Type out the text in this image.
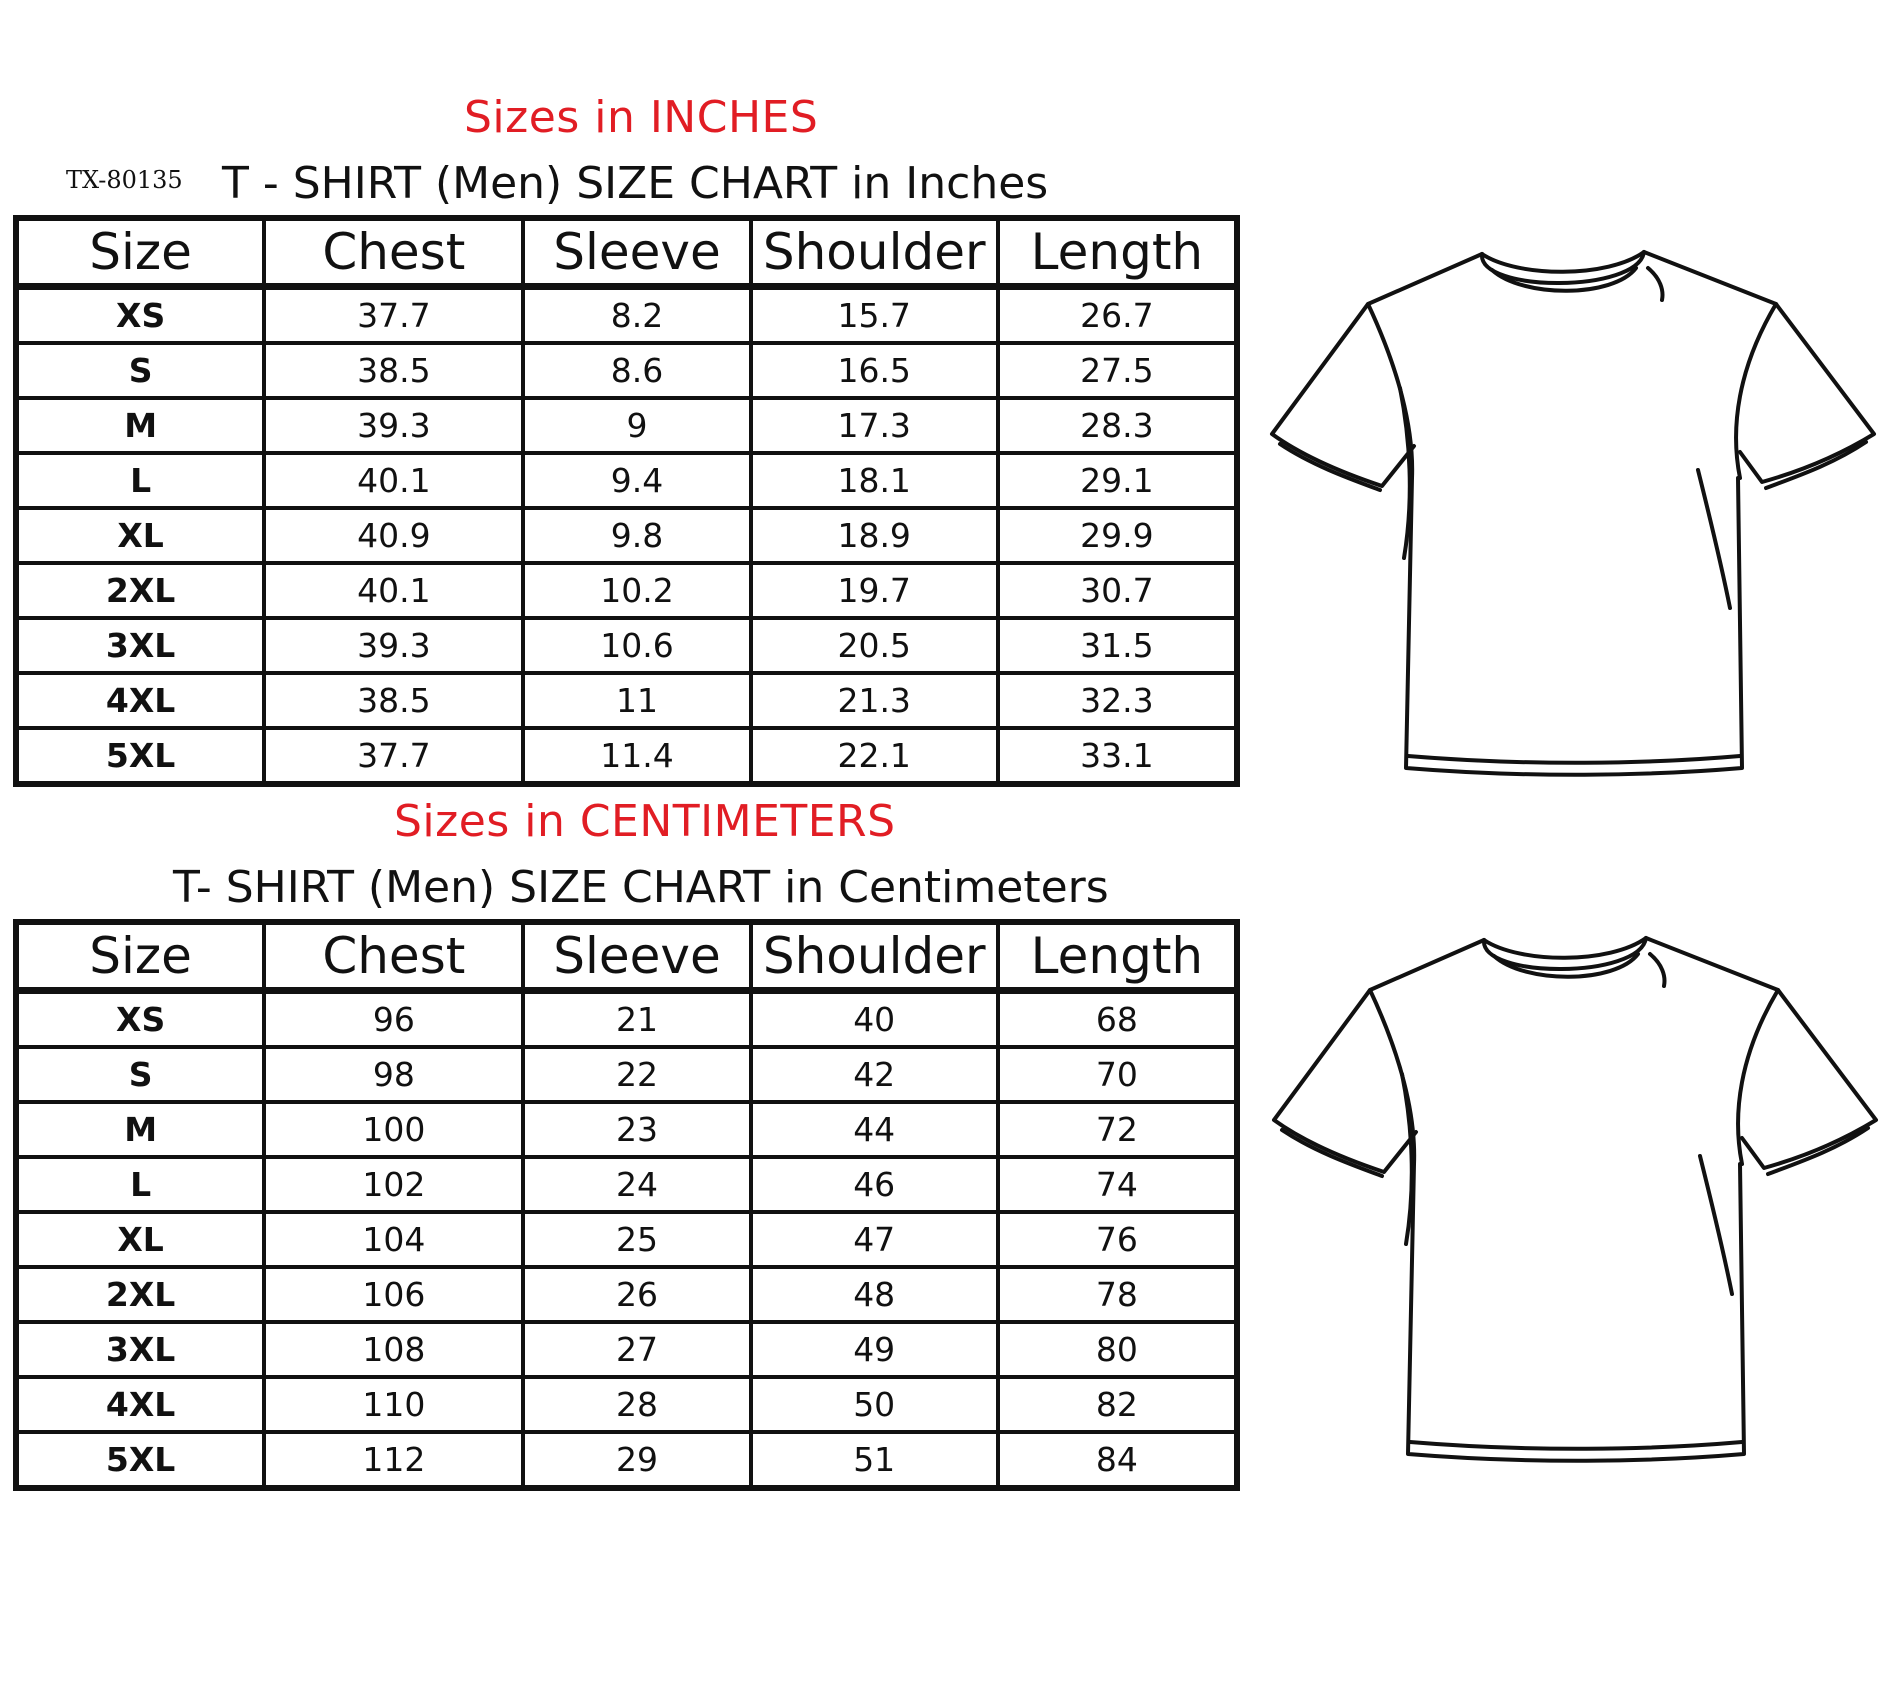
Sizes in INCHES
TX-80135 T - SHIRT (Men) SIZE CHART in Inches
Size	Chest	Sleeve	Shoulder	Length
XS	37.7	8.2	15.7	26.7
S	38.5	8.6	16.5	27.5
M	39.3	9	17.3	28.3
L	40.1	9.4	18.1	29.1
XL	40.9	9.8	18.9	29.9
2XL	40.1	10.2	19.7	30.7
3XL	39.3	10.6	20.5	31.5
4XL	38.5	11	21.3	32.3
5XL	37.7	11.4	22.1	33.1
Sizes in CENTIMETERS
T- SHIRT (Men) SIZE CHART in Centimeters
Size	Chest	Sleeve	Shoulder	Length
XS	96	21	40	68
S	98	22	42	70
M	100	23	44	72
L	102	24	46	74
XL	104	25	47	76
2XL	106	26	48	78
3XL	108	27	49	80
4XL	110	28	50	82
5XL	112	29	51	84
